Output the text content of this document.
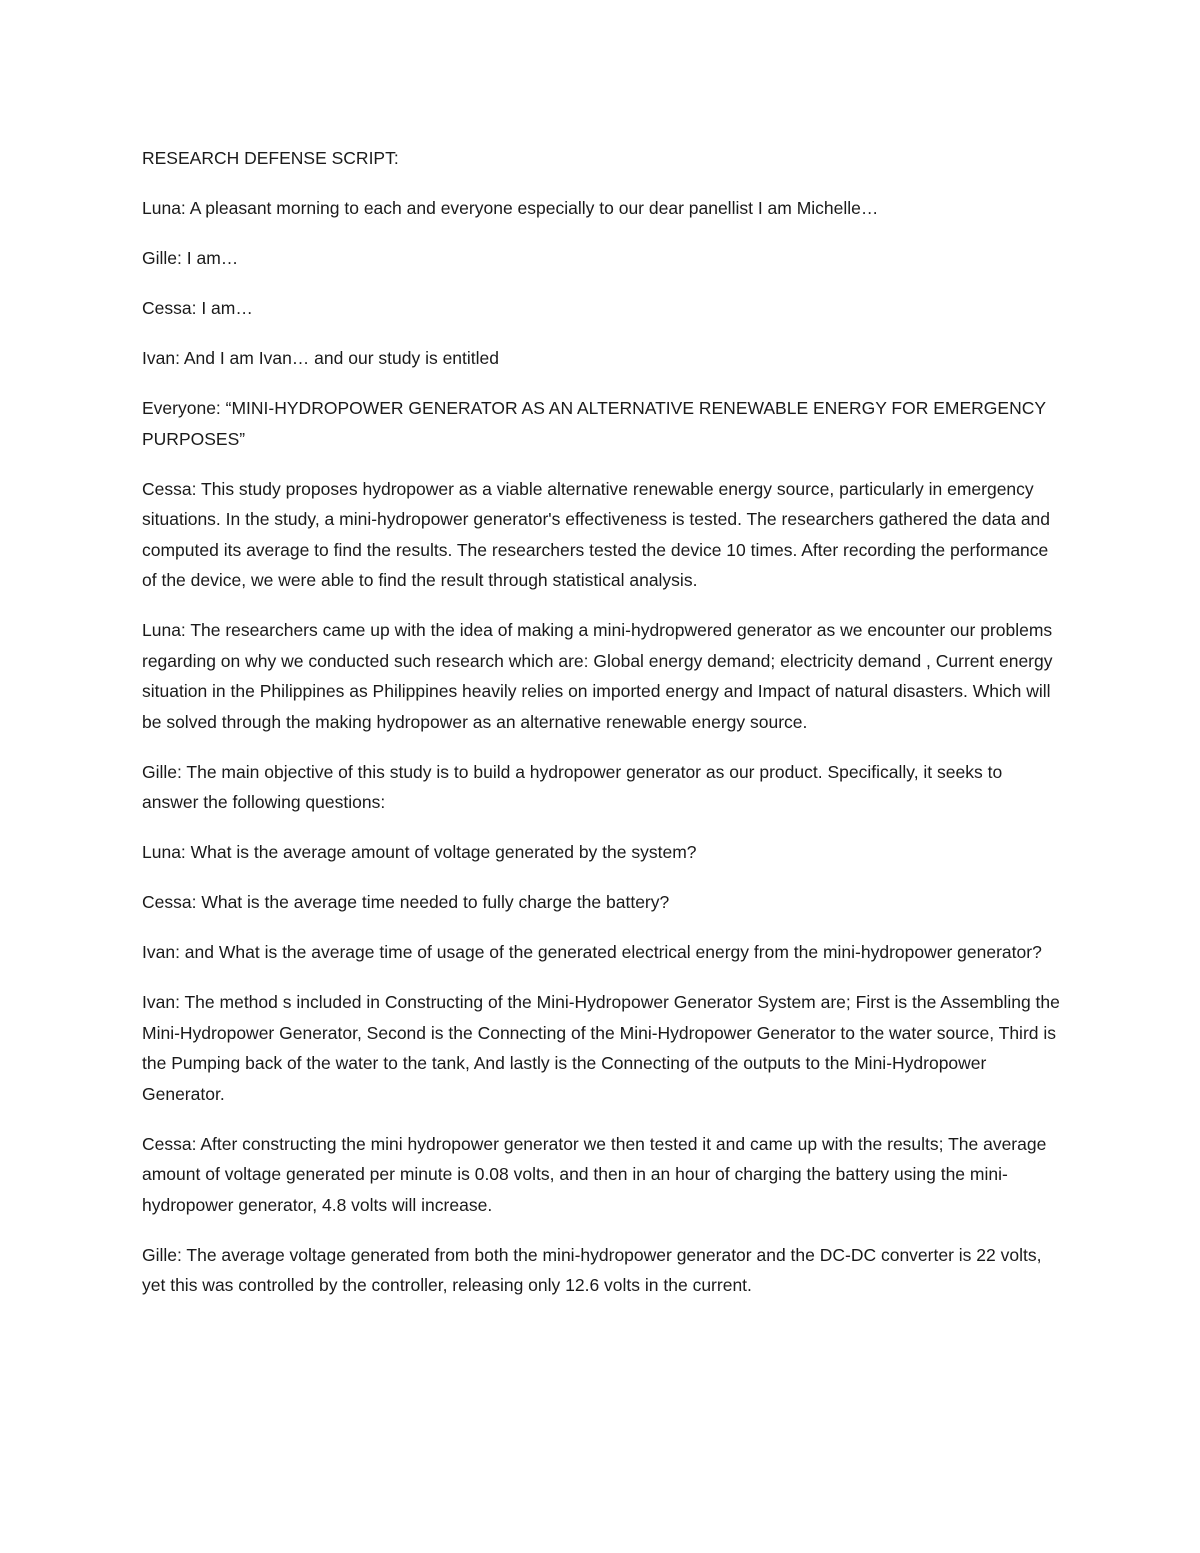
RESEARCH DEFENSE SCRIPT:

Luna: A pleasant morning to each and everyone especially to our dear panellist I am Michelle…

Gille: I am…

Cessa: I am…

Ivan: And I am Ivan… and our study is entitled

Everyone: “MINI-HYDROPOWER GENERATOR AS AN ALTERNATIVE RENEWABLE ENERGY FOR EMERGENCY PURPOSES”

Cessa: This study proposes hydropower as a viable alternative renewable energy source, particularly in emergency situations. In the study, a mini-hydropower generator's effectiveness is tested. The researchers gathered the data and computed its average to find the results. The researchers tested the device 10 times. After recording the performance of the device, we were able to find the result through statistical analysis.

Luna: The researchers came up with the idea of making a mini-hydropwered generator as we encounter our problems regarding on why we conducted such research which are: Global energy demand; electricity demand , Current energy situation in the Philippines as Philippines heavily relies on imported energy and Impact of natural disasters. Which will be solved through the making hydropower as an alternative renewable energy source.

Gille: The main objective of this study is to build a hydropower generator as our product. Specifically, it seeks to answer the following questions:

Luna: What is the average amount of voltage generated by the system?

Cessa: What is the average time needed to fully charge the battery?

Ivan: and What is the average time of usage of the generated electrical energy from the mini-hydropower generator?

Ivan: The method s included in Constructing of the Mini-Hydropower Generator System are; First is the Assembling the Mini-Hydropower Generator, Second is the Connecting of the Mini-Hydropower Generator to the water source, Third is the Pumping back of the water to the tank, And lastly is the Connecting of the outputs to the Mini-Hydropower Generator.

Cessa: After constructing the mini hydropower generator we then tested it and came up with the results; The average amount of voltage generated per minute is 0.08 volts, and then in an hour of charging the battery using the mini-hydropower generator, 4.8 volts will increase.

Gille: The average voltage generated from both the mini-hydropower generator and the DC-DC converter is 22 volts, yet this was controlled by the controller, releasing only 12.6 volts in the current.
